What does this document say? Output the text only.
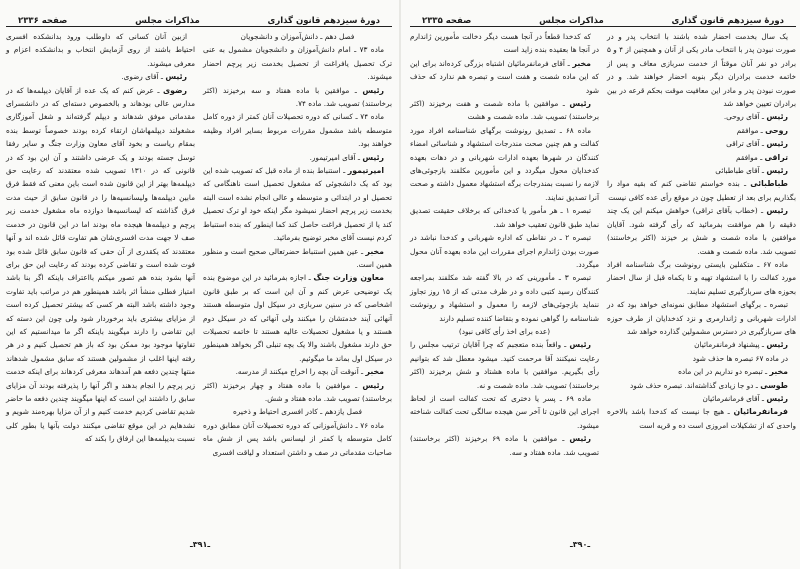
دورهٔ سیزدهم قانون گذاری
مذاکرات مجلس
صفحه ۲۳۳۶

فصل دهم ـ دانش‌آموزان و دانشجویان

ماده ۷۳ ـ امام دانش‌آموزان و دانشجویان مشمول به عنی ترک تحصیل یافراغت از تحصیل بخدمت زیر پرچم احضار میشوند.

رئیس ـ موافقین با ماده هفتاد و سه برخیزند (اکثر برخاستند) تصویب شد. ماده ۷۴.

ماده ۷۴ ـ کسانی که دوره تحصیلات آنان کمتر از دوره کامل متوسطه باشد مشمول مقررات مربوط بسایر افراد وظیفه خواهند بود.

رئیس ـ آقای امیرتیمور.

امیرتیمور ـ استنباط بنده از ماده قبل که تصویب شده این بود که یک دانشجوئی که مشغول تحصیل است ناهنگامی که تحصیل او در ابتدائی و متوسطه و عالی انجام نشده است البته بخدمت زیر پرچم احضار نمیشود مگر اینکه خود او ترک تحصیل کند یا از تحصیل فراغت حاصل کند کما اینطور که بنده استنباط کردم نیست آقای مخبر توضیح بفرمائید.

مخبر ـ عین همین استنباط حضرتعالی صحیح است و منظور همین است.

معاون وزارت جنگ ـ اجازه بفرمائید در این موضوع بنده یک توضیحی عرض کنم و آن این است که بر طبق قانون اشخاصی که در سنین سربازی در سیکل اول متوسطه هستند آنهائی آیند خدمتشان را میکنند ولی آنهائی که در سیکل دوم هستند و یا مشغول تحصیلات عالیه هستند تا خاتمه تحصیلات حق دارند مشغول باشند والا یک بچه تنبلی اگر بخواهد همینطور در سیکل اول بماند ما میگوئیم.

مخبر ـ آنوقت آن بچه را اخراج میکنند از مدرسه.

رئیس ـ موافقین با ماده هفتاد و چهار برخیزند (اکثر برخاستند) تصویب شد. ماده هفتاد و شش.

فصل یازدهم ـ کادر افسری احتیاط و ذخیره

ماده ۷۶ ـ دانش‌آموزانی که دوره تحصیلات آنان مطابق دوره کامل متوسطه یا کمتر از لیسانس باشد پس از شش ماه صاحبات مقدماتی در صف و داشتن استعداد و لیاقت افسری

ازبین آنان کسانی که داوطلب ورود بدانشکده افسری احتیاط باشند از روی آزمایش انتخاب و بدانشکده اعزام و معرفی میشوند.

رئیس ـ آقای رضوی.

رضوی ـ عرض کنم که یک عده از آقایان دیپلمه‌ها که در مدارس عالی بودهاند و بالخصوص دسته‌ای که در دانشسرای مقدماتی موفق شدهاند و دیپلم گرفته‌اند و شغل آموزگاری مشغولند دیپلمهاشان ارتقاء کرده بودند خصوصاً توسط بنده بمقام ریاست و بخود آقای معاون وزارت جنگ و سایر رفقا توسل جسته بودند و یک عرضی داشتند و آن این بود که در قانونی که در ۱۳۱۰ تصویب شده معتقدند که رعایت حق دیپلمه‌ها بهتر از این قانون شده است باین معنی که فقط فرق مابین دیپلمه‌ها ولیسانسیه‌ها را در قانون سابق از حیث مدت فرق گذاشته که لیسانسیه‌ها دوازده ماه مشغول خدمت زیر پرچم و دیپلمه‌ها هیجده ماه بودند اما در این قانون در خدمت صف لا جهت مدت افسری‌شان هم تفاوت قائل شده اند و آنها معتقدند که یکقدری از آن حقی که قانون سابق قائل شده بود فوت شده است و تقاضی کرده بودند که رعایت این حق برای آنها بشود بنده هم تصور میکنم بااعتراف باینکه اگر بنا باشد امتیاز فطلی منشأ اثر باشد همینطور هم در مراتب باید تفاوت وجود داشته باشد البته هر کسی که بیشتر تحصیل کرده است از مزایای بیشتری باید برخوردار شود ولی چون این دسته که این تقاضی را دارند میگویند باینکه اگر ما میدانستیم که این تفاوتها موجود بود ممکن بود که باز هم تحصیل کنیم و در هر رفته اینها اغلب از مشمولین هستند که سابق مشمول شدهاند منتها چندین دفعه هم آمدهاند معرفی کردهاند برای اینکه خدمت زیر پرچم را انجام بدهند و اگر آنها را پذیرفته بودند آن مزایای سابق را داشتند این است که اینها میگویند چندین دفعه ما حاضر شدیم تقاضی کردیم خدمت کنیم و از آن مزایا بهره‌مند شویم و نشدهایم در این موقع تقاضی میکنند دولت بآنها یا بطور کلی نسبت بدیپلمه‌ها این ارفاق را بکند که

ـ۳۹۱ـ
دورهٔ سیزدهم قانون گذاری
مذاکرات مجلس
صفحه ۲۳۳۵

یک سال بخدمت احضار شده باشند با انتخاب پدر و در صورت نبودن پدر با انتخاب مادر یکی از آنان و همچنین از ۴ و ۵ برادر دو نفر آنان موقتاً از خدمت سربازی معاف و پس از خاتمه خدمت برادران دیگر بنوبه احضار خواهند شد. و در صورت نبودن پدر و مادر این معافیت موقت بحکم قرعه در بین برادران تعیین خواهد شد

رئیس ـ آقای روحی.

روحی ـ موافقم

رئیس ـ آقای تراقی

تراقی ـ موافقم

رئیس ـ آقای طباطبائی

طباطبائی ـ بنده خواستم تقاضی کنم که بقیه مواد را بگذاریم برای بعد از تعطیل چون در موقع رأی عده کافی نیست

رئیس ـ (خطاب بآقای تراقی) خواهش میکنم این یک چند دقیقه را هم موافقت بفرمائید که رأی گرفته شود. آقایان موافقین با ماده شصت و شش بر خیزند (اکثر برخاستند) تصویب شد. ماده شصت و هفت.

ماده ۶۷ ـ متکفلین بایستی رونوشت برگ شناسنامه افراد مورد کفالت را با استشهاد تهیه و تا یکماه قبل از سال احضار بحوزه های سربازگیری تسلیم نمایند.

تبصره ـ برگهای استشهاد مطابق نمونه‌ای خواهد بود که در ادارات شهربانی و ژاندارمری و نزد کدخدایان از طرف حوزه های سربازگیری در دسترس مشمولین گذارده خواهد شد

رئیس ـ پیشنهاد فرمانفرمائیان

در ماده ۶۷ تبصره ها حذف شود

مخبر ـ تبصره دو نداریم در این ماده

طوسی ـ دو جا زیادی گذاشته‌اند. تبصره حذف شود

رئیس ـ آقای فرمانفرمائیان

فرمانفرمائیان ـ هیچ جا نیست که کدخدا باشد بالاخره واحدی که از تشکیلات امروزی است ده و قریه است

که کدخدا قطعاً در آنجا هست دیگر دخالت مأمورین ژاندارم در آنجا ها بعقیده بنده زاید است

مخبر ـ آقای فرمانفرمائیان اشتباه بزرگی کرده‌اند برای این که این ماده شصت و هفت است و تبصره هم ندارد که حذف شود

رئیس ـ موافقین با ماده شصت و هفت برخیزند (اکثر برخاستند) تصویب شد. ماده شصت و هشت

ماده ۶۸ ـ تصدیق رونوشت برگهای شناسنامه افراد مورد کفالت و هم چنین صحت مندرجات استشهاد و شناسائی امضاء کنندگان در شهرها بعهده ادارات شهربانی و در دهات بعهده کدخدایان محول میگردد و این مأمورین مکلفند بازجوئی‌های لازمه را نسبت بمندرجات برگه استشهاد معمول داشته و صحت آنرا تصدیق نمایند.

تبصره ۱ ـ هر مأمور یا کدخدائی که برخلاف حقیقت تصدیق نماید طبق قانون تعقیب خواهد شد.

تبصره ۲ ـ در نقاطی که اداره شهربانی و کدخدا نباشد در صورت بودن ژاندارم اجرای مقررات این ماده بعهده آنان محول میگردد.

تبصره ۳ ـ مأمورینی که در بالا گفته شد مکلفند بمراجعه کنندگان رسید کتبی داده و در ظرف مدتی که از ۱۵ روز تجاوز ننماید بازجوئی‌های لازمه را معمول و استشهاد و رونوشت شناسنامه را گواهی نموده و بتقاضا کننده تسلیم دارند

(عده برای اخذ رأی کافی نبود)

رئیس ـ واقعاً بنده متعجبم که چرا آقایان ترتیب مجلس را رعایت نمیکنند آقا مرحمت کنید. میشود معطل شد که بتوانیم رأی بگیریم. موافقین با ماده هشتاد و شش برخیزند (اکثر برخاستند) تصویب شد. ماده شصت و نه.

ماده ۶۹ ـ پسر یا دختری که تحت کفالت است از لحاظ اجرای این قانون تا آخر سن هیجده سالگی تحت کفالت شناخته میشود.

رئیس ـ موافقین با ماده ۶۹ برخیزند (اکثر برخاستند) تصویب شد. ماده هفتاد و سه.

ـ۳۹۰ـ
